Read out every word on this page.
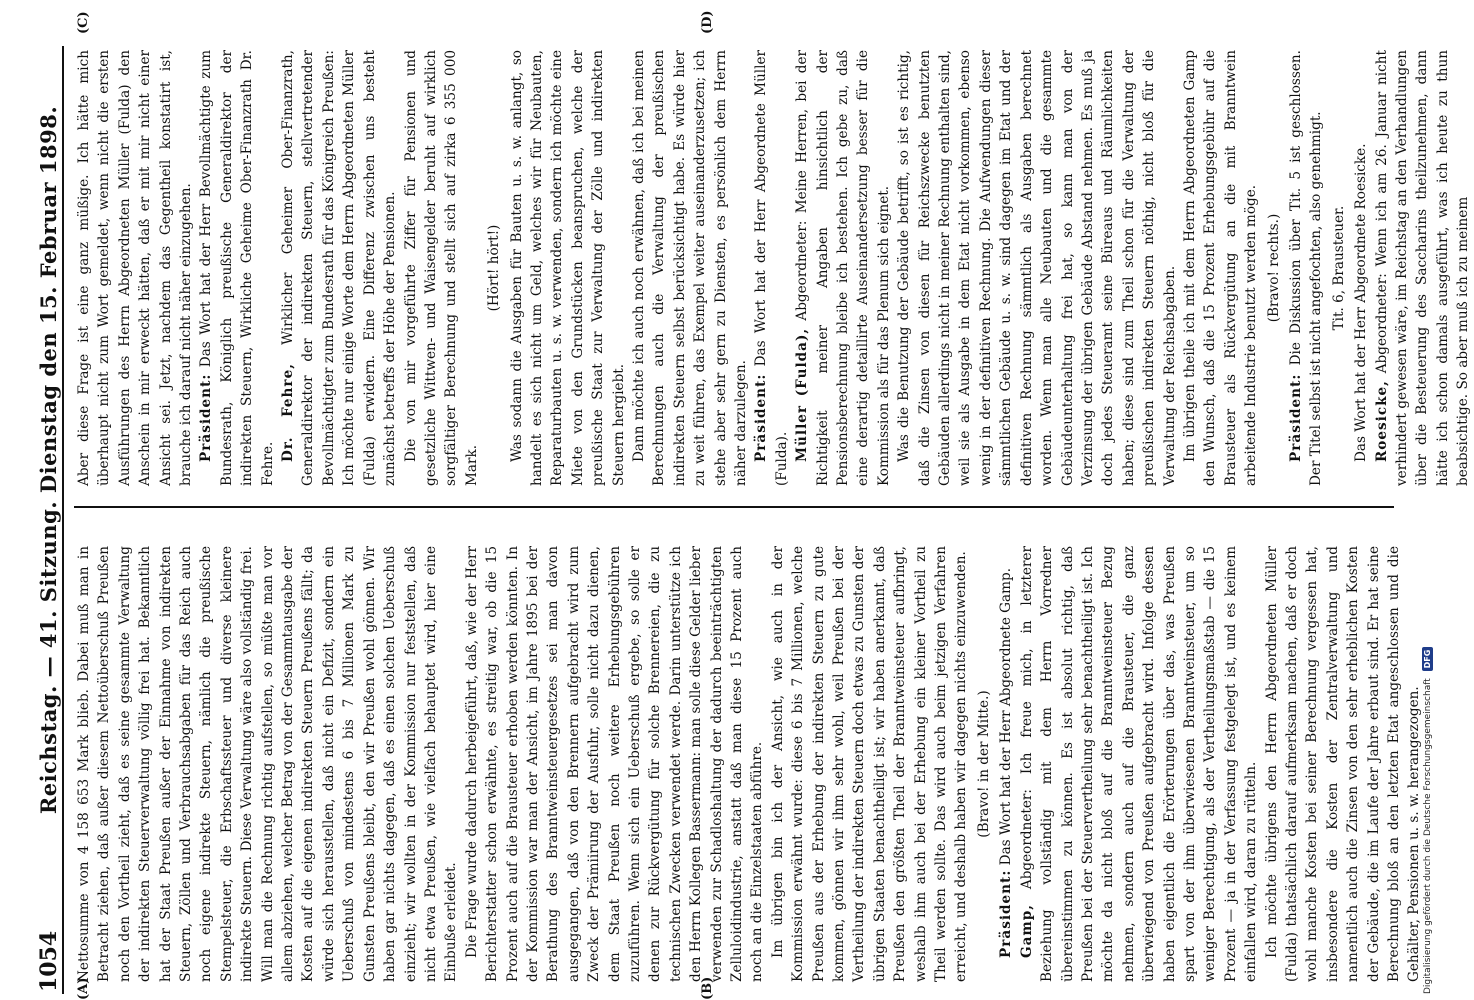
1054
Reichstag. — 41. Sitzung. Dienstag den 15. Februar 1898.
(A)	(B)
(C)	(D)

Nettosumme von 4 158 653 Mark blieb. Dabei muß man in Betracht ziehen, daß außer diesem Nettoüberschuß Preußen noch den Vortheil zieht, daß es seine gesammte Verwaltung der indirekten Steuerverwaltung völlig frei hat. Bekanntlich hat der Staat Preußen außer der Einnahme von indirekten Steuern, Zöllen und Verbrauchsabgaben für das Reich auch noch eigene indirekte Steuern, nämlich die preußische Stempelsteuer, die Erbschaftssteuer und diverse kleinere indirekte Steuern. Diese Verwaltung wäre also vollständig frei. Will man die Rechnung richtig aufstellen, so müßte man vor allem abziehen, welcher Betrag von der Gesammtausgabe der Kosten auf die eigenen indirekten Steuern Preußens fällt; da würde sich herausstellen, daß nicht ein Defizit, sondern ein Ueberschuß von mindestens 6 bis 7 Millionen Mark zu Gunsten Preußens bleibt, den wir Preußen wohl gönnen. Wir haben gar nichts dagegen, daß es einen solchen Ueberschuß einzieht; wir wollten in der Kommission nur feststellen, daß nicht etwa Preußen, wie vielfach behauptet wird, hier eine Einbuße erleidet. Die Frage wurde dadurch herbeigeführt, daß, wie der Herr Berichterstatter schon erwähnte, es streitig war, ob die 15 Prozent auch auf die Brausteuer erhoben werden könnten. In der Kommission war man der Ansicht, im Jahre 1895 bei der Berathung des Branntweinsteuergesetzes sei man davon ausgegangen, daß von den Brennern aufgebracht wird zum Zweck der Prämiirung der Ausfuhr, solle nicht dazu dienen, dem Staat Preußen noch weitere Erhebungsgebühren zuzuführen. Wenn sich ein Ueberschuß ergebe, so solle er denen zur Rückvergütung für solche Brennereien, die zu technischen Zwecken verwendet werde. Darin unterstütze ich den Herrn Kollegen Bassermann: man solle diese Gelder lieber verwenden zur Schadloshaltung der dadurch beeinträchtigten Zelluloidindustrie, anstatt daß man diese 15 Prozent auch noch an die Einzelstaaten abführe. Im übrigen bin ich der Ansicht, wie auch in der Kommission erwähnt wurde: diese 6 bis 7 Millionen, welche Preußen aus der Erhebung der indirekten Steuern zu gute kommen, gönnen wir ihm sehr wohl, weil Preußen bei der Vertheilung der indirekten Steuern doch etwas zu Gunsten der übrigen Staaten benachtheiligt ist; wir haben anerkannt, daß Preußen den größten Theil der Branntweinsteuer aufbringt, weshalb ihm auch bei der Erhebung ein kleiner Vortheil zu Theil werden sollte. Das wird auch beim jetzigen Verfahren erreicht, und deshalb haben wir dagegen nichts einzuwenden. (Bravo! in der Mitte.)

Präsident: Das Wort hat der Herr Abgeordnete Gamp.

Gamp, Abgeordneter: Ich freue mich, in letzterer Beziehung vollständig mit dem Herrn Vorredner übereinstimmen zu können. Es ist absolut richtig, daß Preußen bei der Steuervertheilung sehr benachtheiligt ist. Ich möchte da nicht bloß auf die Branntweinsteuer Bezug nehmen, sondern auch auf die Brausteuer, die ganz überwiegend von Preußen aufgebracht wird. Infolge dessen haben eigentlich die Erörterungen über das, was Preußen spart von der ihm überwiesenen Branntweinsteuer, um so weniger Berechtigung, als der Vertheilungsmaßstab — die 15 Prozent — ja in der Verfassung festgelegt ist, und es keinem einfallen wird, daran zu rütteln. Ich möchte übrigens den Herrn Abgeordneten Müller (Fulda) thatsächlich darauf aufmerksam machen, daß er doch wohl manche Kosten bei seiner Berechnung vergessen hat, insbesondere die Kosten der Zentralverwaltung und namentlich auch die Zinsen von den sehr erheblichen Kosten der Gebäude, die im Laufe der Jahre erbaut sind. Er hat seine Berechnung bloß an den letzten Etat angeschlossen und die Gehälter, Pensionen u. s. w. herangezogen.

Aber diese Frage ist eine ganz müßige. Ich hätte mich überhaupt nicht zum Wort gemeldet, wenn nicht die ersten Ausführungen des Herrn Abgeordneten Müller (Fulda) den Anschein in mir erweckt hätten, daß er mit mir nicht einer Ansicht sei. Jetzt, nachdem das Gegentheil konstatirt ist, brauche ich darauf nicht näher einzugehen. Präsident: Das Wort hat der Herr Bevollmächtigte zum Bundesrath, Königlich preußische Generaldirektor der indirekten Steuern, Wirkliche Geheime Ober-Finanzrath Dr. Fehre.

Dr. Fehre, Wirklicher Geheimer Ober-Finanzrath, Generaldirektor der indirekten Steuern, stellvertretender Bevollmächtigter zum Bundesrath für das Königreich Preußen: Ich möchte nur einige Worte dem Herrn Abgeordneten Müller (Fulda) erwidern. Eine Differenz zwischen uns besteht zunächst betreffs der Höhe der Pensionen. Die von mir vorgeführte Ziffer für Pensionen und gesetzliche Wittwen- und Waisengelder beruht auf wirklich sorgfältiger Berechnung und stellt sich auf zirka 6 355 000 Mark.

(Hört! hört!) Was sodann die Ausgaben für Bauten u. s. w. anlangt, so handelt es sich nicht um Geld, welches wir für Neubauten, Reparaturbauten u. s. w. verwenden, sondern ich möchte eine Miete von den Grundstücken beanspruchen, welche der preußische Staat zur Verwaltung der Zölle und indirekten Steuern hergiebt. Dann möchte ich auch noch erwähnen, daß ich bei meinen Berechnungen auch die Verwaltung der preußischen indirekten Steuern selbst berücksichtigt habe. Es würde hier zu weit führen, das Exempel weiter auseinanderzusetzen; ich stehe aber sehr gern zu Diensten, es persönlich dem Herrn näher darzulegen. Präsident: Das Wort hat der Herr Abgeordnete Müller (Fulda). Müller (Fulda), Abgeordneter: Meine Herren, bei der Richtigkeit meiner Angaben hinsichtlich der Pensionsberechnung bleibe ich bestehen. Ich gebe zu, daß eine derartig detaillirte Auseinandersetzung besser für die Kommission als für das Plenum sich eignet. Was die Benutzung der Gebäude betrifft, so ist es richtig, daß die Zinsen von diesen für Reichszwecke benutzten Gebäuden allerdings nicht in meiner Rechnung enthalten sind, weil sie als Ausgabe in dem Etat nicht vorkommen, ebenso wenig in der definitiven Rechnung. Die Aufwendungen dieser sämmtlichen Gebäude u. s. w. sind dagegen im Etat und der definitiven Rechnung sämmtlich als Ausgaben berechnet worden. Wenn man alle Neubauten und die gesammte Gebäudeunterhaltung frei hat, so kann man von der Verzinsung der übrigen Gebäude Abstand nehmen. Es muß ja doch jedes Steueramt seine Büreaus und Räumlichkeiten haben; diese sind zum Theil schon für die Verwaltung der preußischen indirekten Steuern nöthig, nicht bloß für die Verwaltung der Reichsabgaben. Im übrigen theile ich mit dem Herrn Abgeordneten Gamp den Wunsch, daß die 15 Prozent Erhebungsgebühr auf die Brausteuer als Rückvergütung an die mit Branntwein arbeitende Industrie benutzt werden möge. (Bravo! rechts.)

Präsident: Die Diskussion über Tit. 5 ist geschlossen. Der Titel selbst ist nicht angefochten, also genehmigt. Tit. 6, Brausteuer. Das Wort hat der Herr Abgeordnete Roesicke. Roesicke, Abgeordneter: Wenn ich am 26. Januar nicht verhindert gewesen wäre, im Reichstag an den Verhandlungen über die Besteuerung des Saccharins theilzunehmen, dann hätte ich schon damals ausgeführt, was ich heute zu thun beabsichtige. So aber muß ich zu meinem

Digitalisierung gefördert durch die Deutsche Forschungsgemeinschaft DFG
